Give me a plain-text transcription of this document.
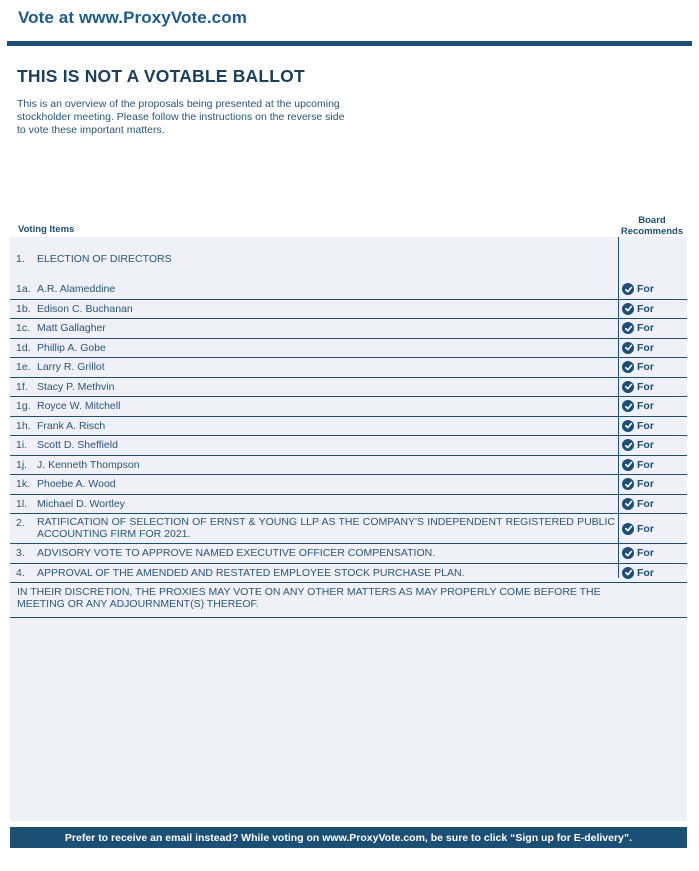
Vote at www.ProxyVote.com
THIS IS NOT A VOTABLE BALLOT
This is an overview of the proposals being presented at the upcoming stockholder meeting. Please follow the instructions on the reverse side to vote these important matters.
Voting Items
Board
Recommends
1. ELECTION OF DIRECTORS
1a. A.R. Alameddine	For
1b. Edison C. Buchanan	For
1c. Matt Gallagher	For
1d. Phillip A. Gobe	For
1e. Larry R. Grillot	For
1f. Stacy P. Methvin	For
1g. Royce W. Mitchell	For
1h. Frank A. Risch	For
1i. Scott D. Sheffield	For
1j. J. Kenneth Thompson	For
1k. Phoebe A. Wood	For
1l. Michael D. Wortley	For
2. RATIFICATION OF SELECTION OF ERNST & YOUNG LLP AS THE COMPANY'S INDEPENDENT REGISTERED PUBLIC ACCOUNTING FIRM FOR 2021.	For
3. ADVISORY VOTE TO APPROVE NAMED EXECUTIVE OFFICER COMPENSATION.	For
4. APPROVAL OF THE AMENDED AND RESTATED EMPLOYEE STOCK PURCHASE PLAN.	For
IN THEIR DISCRETION, THE PROXIES MAY VOTE ON ANY OTHER MATTERS AS MAY PROPERLY COME BEFORE THE MEETING OR ANY ADJOURNMENT(S) THEREOF.
Prefer to receive an email instead? While voting on www.ProxyVote.com, be sure to click “Sign up for E-delivery”.
